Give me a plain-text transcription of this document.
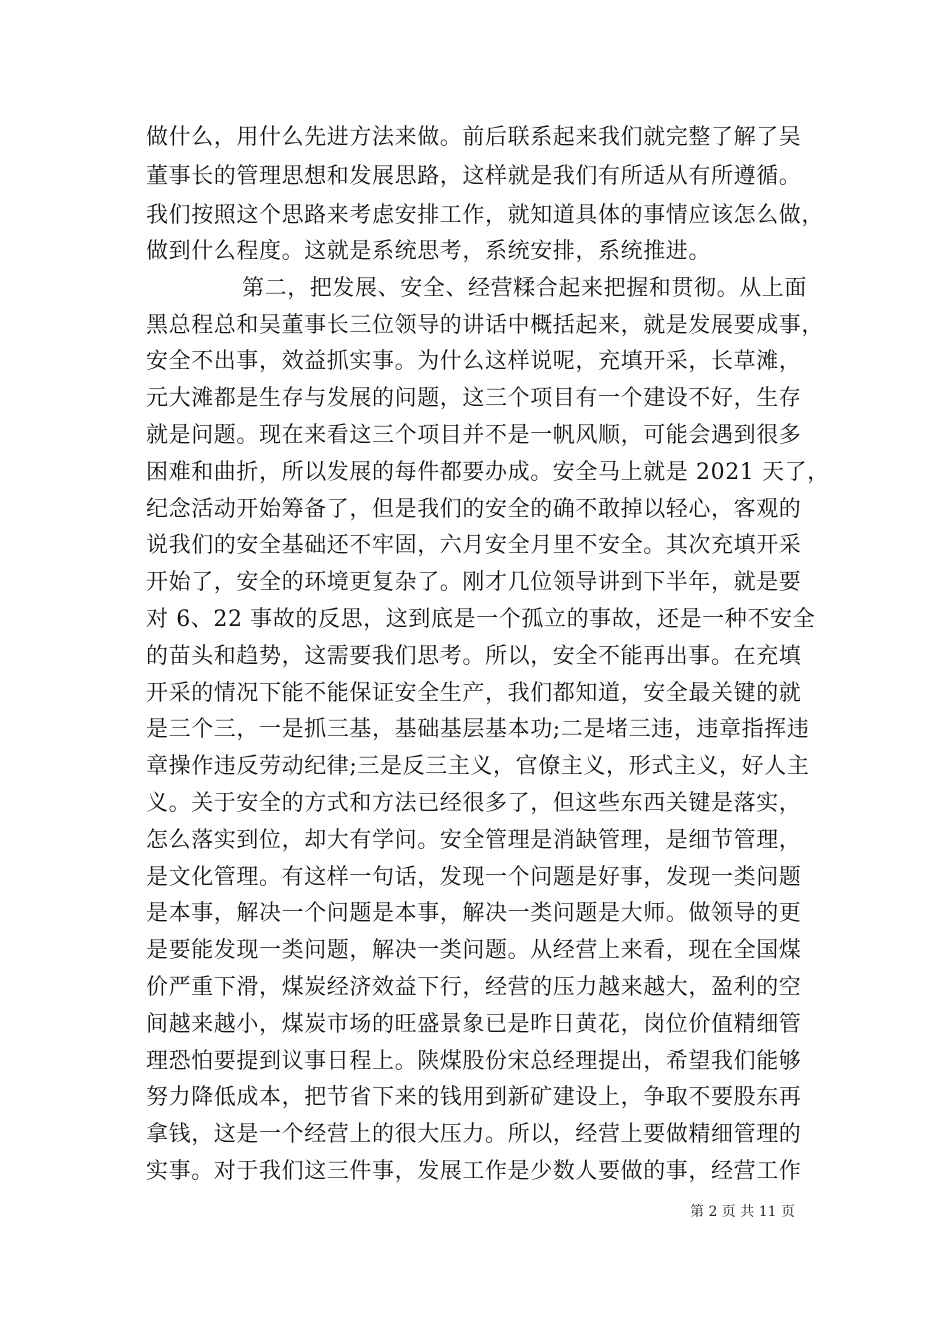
做什么，用什么先进方法来做。前后联系起来我们就完整了解了吴
董事长的管理思想和发展思路，这样就是我们有所适从有所遵循。
我们按照这个思路来考虑安排工作，就知道具体的事情应该怎么做，
做到什么程度。这就是系统思考，系统安排，系统推进。
第二，把发展、安全、经营糅合起来把握和贯彻。从上面
黑总程总和吴董事长三位领导的讲话中概括起来，就是发展要成事，
安全不出事，效益抓实事。为什么这样说呢，充填开采，长草滩，
元大滩都是生存与发展的问题，这三个项目有一个建设不好，生存
就是问题。现在来看这三个项目并不是一帆风顺，可能会遇到很多
困难和曲折，所以发展的每件都要办成。安全马上就是 2021 天了，
纪念活动开始筹备了，但是我们的安全的确不敢掉以轻心，客观的
说我们的安全基础还不牢固，六月安全月里不安全。其次充填开采
开始了，安全的环境更复杂了。刚才几位领导讲到下半年，就是要
对 6、22 事故的反思，这到底是一个孤立的事故，还是一种不安全
的苗头和趋势，这需要我们思考。所以，安全不能再出事。在充填
开采的情况下能不能保证安全生产，我们都知道，安全最关键的就
是三个三，一是抓三基，基础基层基本功;二是堵三违，违章指挥违
章操作违反劳动纪律;三是反三主义，官僚主义，形式主义，好人主
义。关于安全的方式和方法已经很多了，但这些东西关键是落实，
怎么落实到位，却大有学问。安全管理是消缺管理，是细节管理，
是文化管理。有这样一句话，发现一个问题是好事，发现一类问题
是本事，解决一个问题是本事，解决一类问题是大师。做领导的更
是要能发现一类问题，解决一类问题。从经营上来看，现在全国煤
价严重下滑，煤炭经济效益下行，经营的压力越来越大，盈利的空
间越来越小，煤炭市场的旺盛景象已是昨日黄花，岗位价值精细管
理恐怕要提到议事日程上。陕煤股份宋总经理提出，希望我们能够
努力降低成本，把节省下来的钱用到新矿建设上，争取不要股东再
拿钱，这是一个经营上的很大压力。所以，经营上要做精细管理的
实事。对于我们这三件事，发展工作是少数人要做的事，经营工作
第 2 页 共 11 页
